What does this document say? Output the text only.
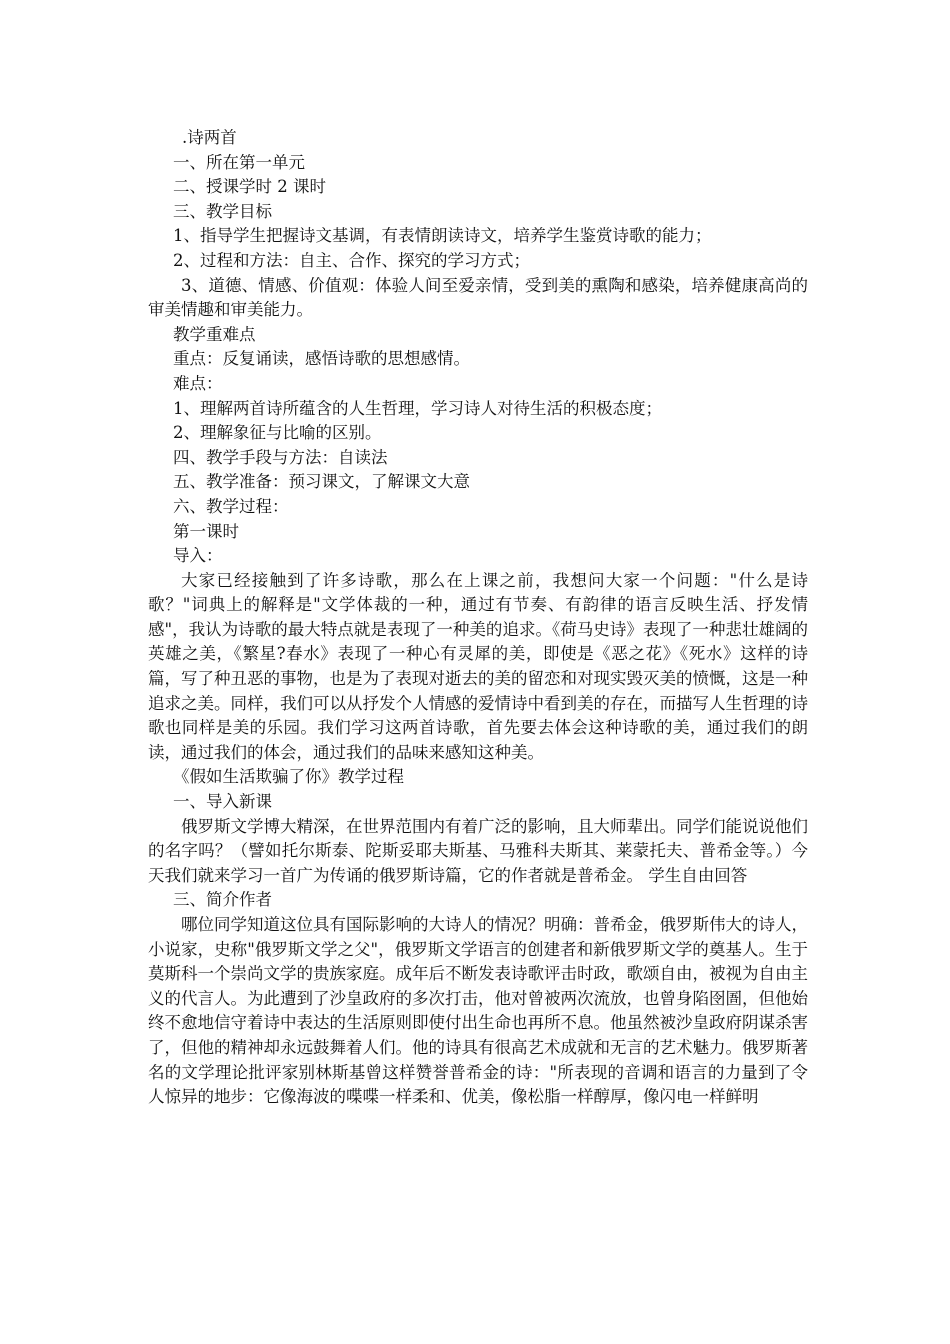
.诗两首
一、所在第一单元
二、授课学时 2 课时
三、教学目标
1、指导学生把握诗文基调，有表情朗读诗文，培养学生鉴赏诗歌的能力；
2、过程和方法：自主、合作、探究的学习方式；

3、道德、情感、价值观：体验人间至爱亲情，受到美的熏陶和感染，培养健康高尚的审美情趣和审美能力。

教学重难点
重点：反复诵读，感悟诗歌的思想感情。
难点：
1、理解两首诗所蕴含的人生哲理，学习诗人对待生活的积极态度；
2、理解象征与比喻的区别。
四、教学手段与方法：自读法
五、教学准备：预习课文，了解课文大意
六、教学过程：
第一课时
导入：

大家已经接触到了许多诗歌，那么在上课之前，我想问大家一个问题："什么是诗歌？"词典上的解释是"文学体裁的一种，通过有节奏、有韵律的语言反映生活、抒发情感"，我认为诗歌的最大特点就是表现了一种美的追求。《荷马史诗》表现了一种悲壮雄阔的英雄之美，《繁星?春水》表现了一种心有灵犀的美，即使是《恶之花》《死水》这样的诗篇，写了种丑恶的事物，也是为了表现对逝去的美的留恋和对现实毁灭美的愤慨，这是一种追求之美。同样，我们可以从抒发个人情感的爱情诗中看到美的存在，而描写人生哲理的诗歌也同样是美的乐园。我们学习这两首诗歌，首先要去体会这种诗歌的美，通过我们的朗读，通过我们的体会，通过我们的品味来感知这种美。

《假如生活欺骗了你》教学过程
一、导入新课

俄罗斯文学博大精深，在世界范围内有着广泛的影响，且大师辈出。同学们能说说他们的名字吗？（譬如托尔斯泰、陀斯妥耶夫斯基、马雅科夫斯其、莱蒙托夫、普希金等。）今天我们就来学习一首广为传诵的俄罗斯诗篇，它的作者就是普希金。 学生自由回答

三、简介作者

哪位同学知道这位具有国际影响的大诗人的情况？明确：普希金，俄罗斯伟大的诗人，小说家，史称"俄罗斯文学之父"，俄罗斯文学语言的创建者和新俄罗斯文学的奠基人。生于莫斯科一个崇尚文学的贵族家庭。成年后不断发表诗歌评击时政，歌颂自由，被视为自由主义的代言人。为此遭到了沙皇政府的多次打击，他对曾被两次流放，也曾身陷囹圄，但他始终不愈地信守着诗中表达的生活原则即使付出生命也再所不息。他虽然被沙皇政府阴谋杀害了，但他的精神却永远鼓舞着人们。他的诗具有很高艺术成就和无言的艺术魅力。俄罗斯著名的文学理论批评家别林斯基曾这样赞誉普希金的诗："所表现的音调和语言的力量到了令人惊异的地步：它像海波的喋喋一样柔和、优美，像松脂一样醇厚，像闪电一样鲜明
